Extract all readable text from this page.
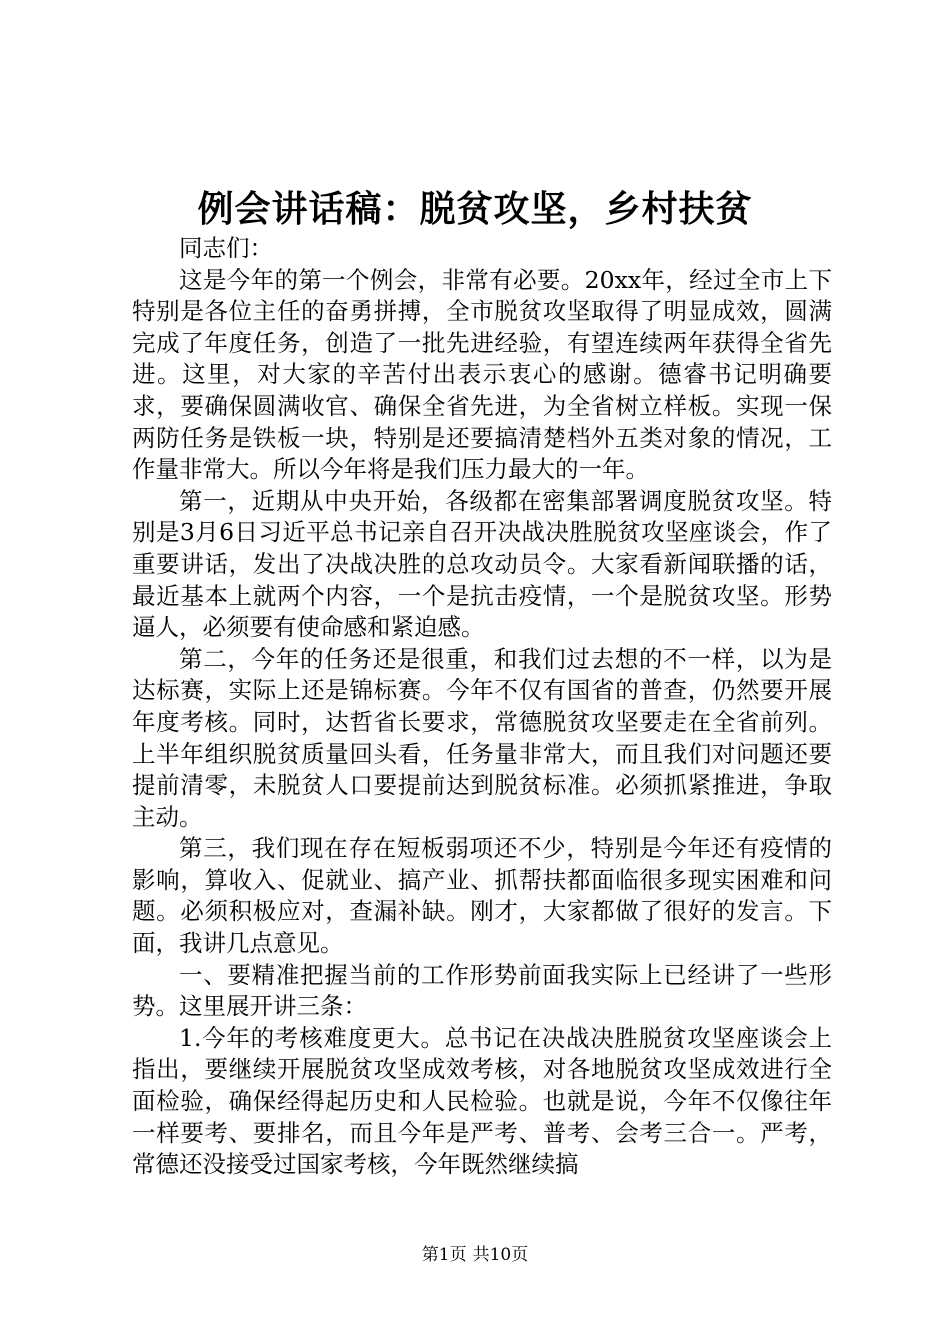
例会讲话稿：脱贫攻坚，乡村扶贫

同志们：

这是今年的第一个例会，非常有必要。20xx年，经过全市上下特别是各位主任的奋勇拼搏，全市脱贫攻坚取得了明显成效，圆满完成了年度任务，创造了一批先进经验，有望连续两年获得全省先进。这里，对大家的辛苦付出表示衷心的感谢。德睿书记明确要求，要确保圆满收官、确保全省先进，为全省树立样板。实现一保两防任务是铁板一块，特别是还要搞清楚档外五类对象的情况，工作量非常大。所以今年将是我们压力最大的一年。

第一，近期从中央开始，各级都在密集部署调度脱贫攻坚。特别是3月6日习近平总书记亲自召开决战决胜脱贫攻坚座谈会，作了重要讲话，发出了决战决胜的总攻动员令。大家看新闻联播的话，最近基本上就两个内容，一个是抗击疫情，一个是脱贫攻坚。形势逼人，必须要有使命感和紧迫感。

第二，今年的任务还是很重，和我们过去想的不一样，以为是达标赛，实际上还是锦标赛。今年不仅有国省的普查，仍然要开展年度考核。同时，达哲省长要求，常德脱贫攻坚要走在全省前列。上半年组织脱贫质量回头看，任务量非常大，而且我们对问题还要提前清零，未脱贫人口要提前达到脱贫标准。必须抓紧推进，争取主动。

第三，我们现在存在短板弱项还不少，特别是今年还有疫情的影响，算收入、促就业、搞产业、抓帮扶都面临很多现实困难和问题。必须积极应对，查漏补缺。刚才，大家都做了很好的发言。下面，我讲几点意见。

一、要精准把握当前的工作形势前面我实际上已经讲了一些形势。这里展开讲三条：

1.今年的考核难度更大。总书记在决战决胜脱贫攻坚座谈会上指出，要继续开展脱贫攻坚成效考核，对各地脱贫攻坚成效进行全面检验，确保经得起历史和人民检验。也就是说，今年不仅像往年一样要考、要排名，而且今年是严考、普考、会考三合一。严考，常德还没接受过国家考核，今年既然继续搞

第1页 共10页
